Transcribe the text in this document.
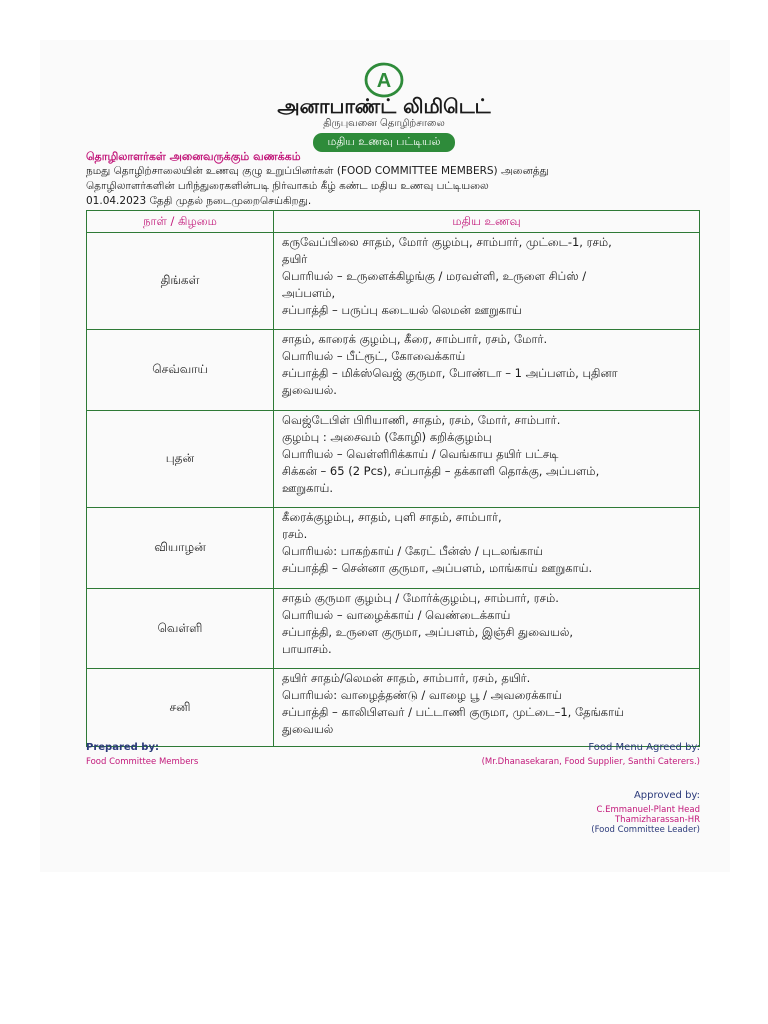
A
அனாபாண்ட் லிமிடெட்
திருபுவனை தொழிற்சாலை
மதிய உணவு பட்டியல்
தொழிலாளர்கள் அனைவருக்கும் வணக்கம்
நமது தொழிற்சாலையின் உணவு குழு உறுப்பினர்கள் (FOOD COMMITTEE MEMBERS) அனைத்து
தொழிலாளர்களின் பரிந்துரைகளின்படி நிர்வாகம் கீழ் கண்ட மதிய உணவு பட்டியலை
01.04.2023 தேதி முதல் நடைமுறைசெய்கிறது.
நாள் / கிழமை	மதிய உணவு
திங்கள்	கருவேப்பிலை சாதம், மோர் குழம்பு, சாம்பார், முட்டை-1, ரசம்,
தயிர்
பொரியல் – உருளைக்கிழங்கு / மரவள்ளி, உருளை சிப்ஸ் /
அப்பளம்,
சப்பாத்தி – பருப்பு கடையல் லெமன் ஊறுகாய்

செவ்வாய்	சாதம், காரைக் குழம்பு, கீரை, சாம்பார், ரசம், மோர்.
பொரியல் – பீட்ரூட், கோவைக்காய்
சப்பாத்தி – மிக்ஸ்வெஜ் குருமா, போண்டா – 1 அப்பளம், புதினா
துவையல்.

புதன்	வெஜ்டேபிள் பிரியாணி, சாதம், ரசம், மோர், சாம்பார்.
குழம்பு : அசைவம் (கோழி) கறிக்குழம்பு
பொரியல் – வெள்ளிரிக்காய் / வெங்காய தயிர் பட்சடி
சிக்கன் – 65 (2 Pcs), சப்பாத்தி – தக்காளி தொக்கு, அப்பளம்,
ஊறுகாய்.

வியாழன்	கீரைக்குழம்பு, சாதம், புளி சாதம், சாம்பார்,
ரசம்.
பொரியல்: பாகற்காய் / கேரட் பீன்ஸ் / புடலங்காய்
சப்பாத்தி – சென்னா குருமா, அப்பளம், மாங்காய் ஊறுகாய்.

வெள்ளி	சாதம் குருமா குழம்பு / மோர்க்குழம்பு, சாம்பார், ரசம்.
பொரியல் – வாழைக்காய் / வெண்டைக்காய்
சப்பாத்தி, உருளை குருமா, அப்பளம், இஞ்சி துவையல்,
பாயாசம்.

சனி	தயிர் சாதம்/லெமன் சாதம், சாம்பார், ரசம், தயிர்.
பொரியல்: வாழைத்தண்டு / வாழை பூ / அவரைக்காய்
சப்பாத்தி – காலிபிளவர் / பட்டாணி குருமா, முட்டை–1, தேங்காய்
துவையல்
Prepared by:
Food Committee Members
Food Menu Agreed by:
(Mr.Dhanasekaran, Food Supplier, Santhi Caterers.)
Approved by:
C.Emmanuel-Plant Head
Thamizharassan-HR
(Food Committee Leader)
